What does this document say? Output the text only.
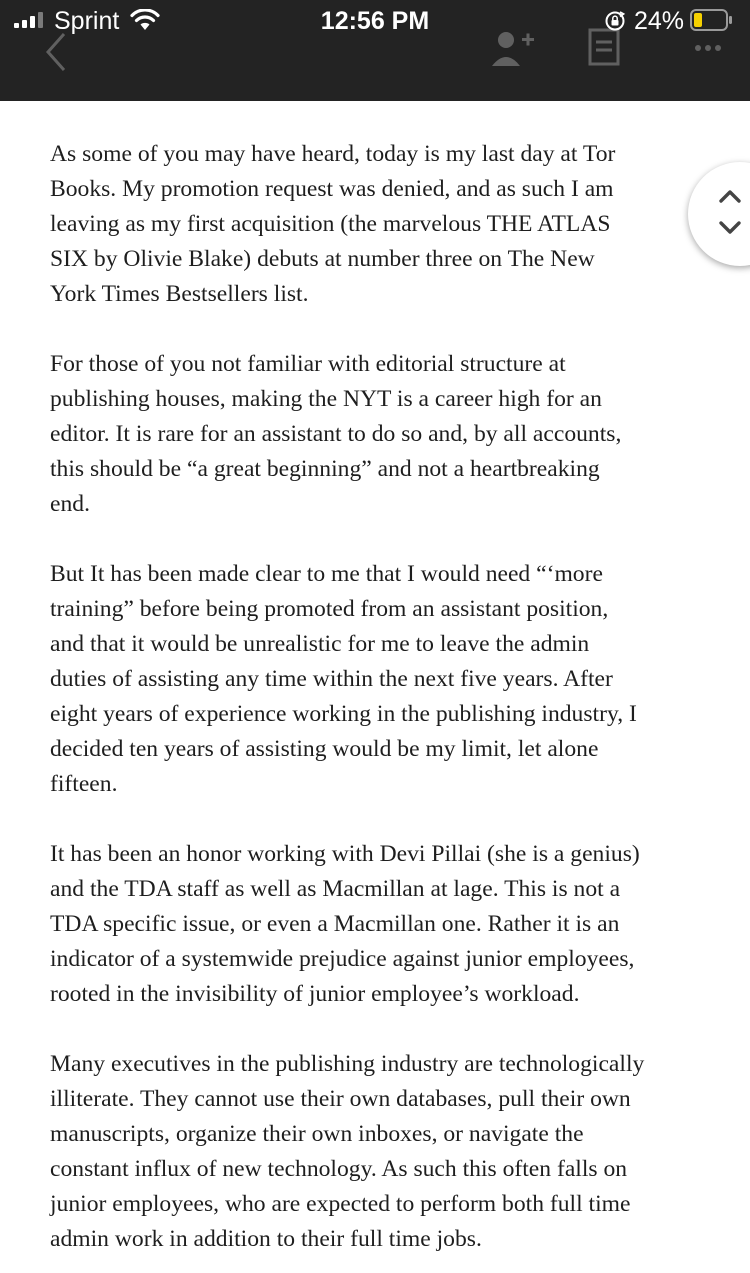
Sprint	12:56 PM	24%

As some of you may have heard, today is my last day at Tor
Books. My promotion request was denied, and as such I am
leaving as my first acquisition (the marvelous THE ATLAS
SIX by Olivie Blake) debuts at number three on The New
York Times Bestsellers list.

For those of you not familiar with editorial structure at
publishing houses, making the NYT is a career high for an
editor. It is rare for an assistant to do so and, by all accounts,
this should be “a great beginning” and not a heartbreaking
end.

But It has been made clear to me that I would need “‘more
training” before being promoted from an assistant position,
and that it would be unrealistic for me to leave the admin
duties of assisting any time within the next five years. After
eight years of experience working in the publishing industry, I
decided ten years of assisting would be my limit, let alone
fifteen.

It has been an honor working with Devi Pillai (she is a genius)
and the TDA staff as well as Macmillan at lage. This is not a
TDA specific issue, or even a Macmillan one. Rather it is an
indicator of a systemwide prejudice against junior employees,
rooted in the invisibility of junior employee’s workload.

Many executives in the publishing industry are technologically
illiterate. They cannot use their own databases, pull their own
manuscripts, organize their own inboxes, or navigate the
constant influx of new technology. As such this often falls on
junior employees, who are expected to perform both full time
admin work in addition to their full time jobs.
